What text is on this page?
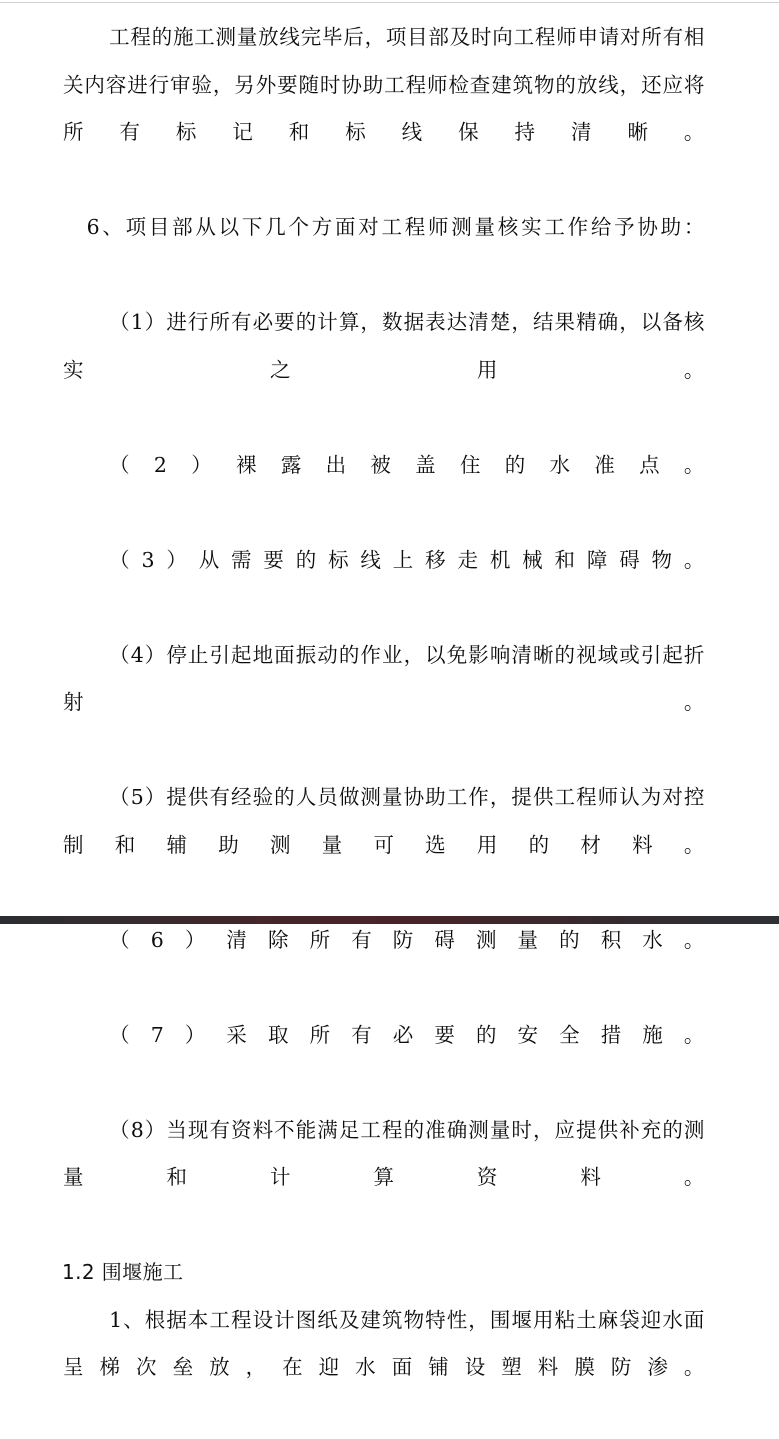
工程的施工测量放线完毕后，项目部及时向工程师申请对所有相关内容进行审验，另外要随时协助工程师检查建筑物的放线，还应将所有标记和标线保持清晰。

6、项目部从以下几个方面对工程师测量核实工作给予协助：

（1）进行所有必要的计算，数据表达清楚，结果精确，以备核实之用。

（2）裸露出被盖住的水准点。

（3）从需要的标线上移走机械和障碍物。

（4）停止引起地面振动的作业，以免影响清晰的视域或引起折射。

（5）提供有经验的人员做测量协助工作，提供工程师认为对控制和辅助测量可选用的材料。

（6）清除所有防碍测量的积水。

（7）采取所有必要的安全措施。

（8）当现有资料不能满足工程的准确测量时，应提供补充的测量和计算资料。

1.2 围堰施工

1、根据本工程设计图纸及建筑物特性，围堰用粘土麻袋迎水面呈梯次垒放，在迎水面铺设塑料膜防渗。
